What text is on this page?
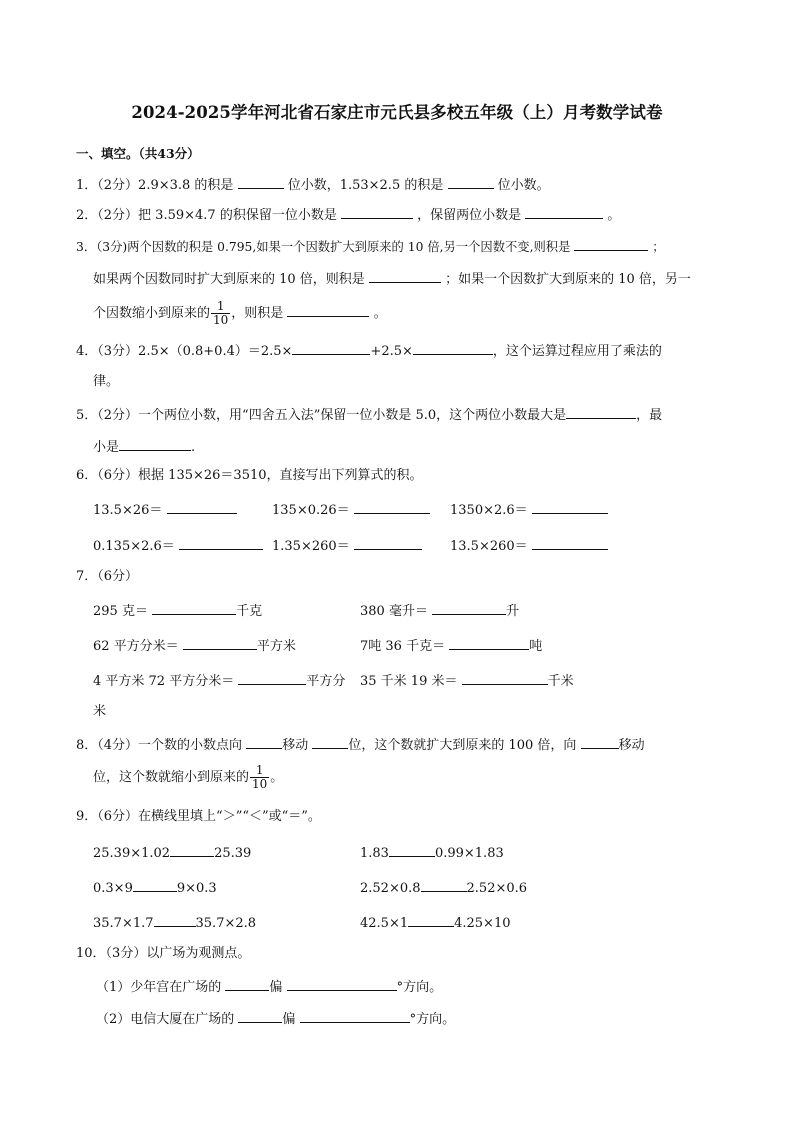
2024-2025学年河北省石家庄市元氏县多校五年级（上）月考数学试卷
一、填空。（共43分）
1．（2分）2.9×3.8 的积是	位小数，1.53×2.5 的积是	位小数。
2．（2分）把 3.59×4.7 的积保留一位小数是	，保留两位小数是	。
3．（3分)两个因数的积是 0.795,如果一个因数扩大到原来的 10 倍,另一个因数不变,则积是	；
如果两个因数同时扩大到原来的 10 倍，则积是	；如果一个因数扩大到原来的 10 倍，另一
个因数缩小到原来的 $\frac{1}{10}$ ，则积是	。
4．（3分）2.5×（0.8+0.4）＝2.5×	+2.5×	，这个运算过程应用了乘法的
律。
5．（2分）一个两位小数，用“四舍五入法”保留一位小数是 5.0，这个两位小数最大是	，最
小是	.
6．（6分）根据 135×26＝3510，直接写出下列算式的积。
13.5×26＝	135×0.26＝	1350×2.6＝
0.135×2.6＝	1.35×260＝	13.5×260＝
7．（6分）
295 克＝	千克	380 毫升＝	升
62 平方分米＝	平方米	7吨 36 千克＝	吨
4 平方米 72 平方分米＝	平方分 35 千米 19 米＝	千米
米
8．（4分）一个数的小数点向	移动	位，这个数就扩大到原来的 100 倍，向	移动
位，这个数就缩小到原来的 $\frac{1}{10}$ 。
9．（6分）在横线里填上“＞”“＜”或“＝”。
25.39×1.02	25.39	1.83	0.99×1.83
0.3×9	9×0.3	2.52×0.8	2.52×0.6
35.7×1.7	35.7×2.8	42.5×1	4.25×10
10．（3分）以广场为观测点。
（1）少年宫在广场的	偏	°方向。
（2）电信大厦在广场的	偏	°方向。
